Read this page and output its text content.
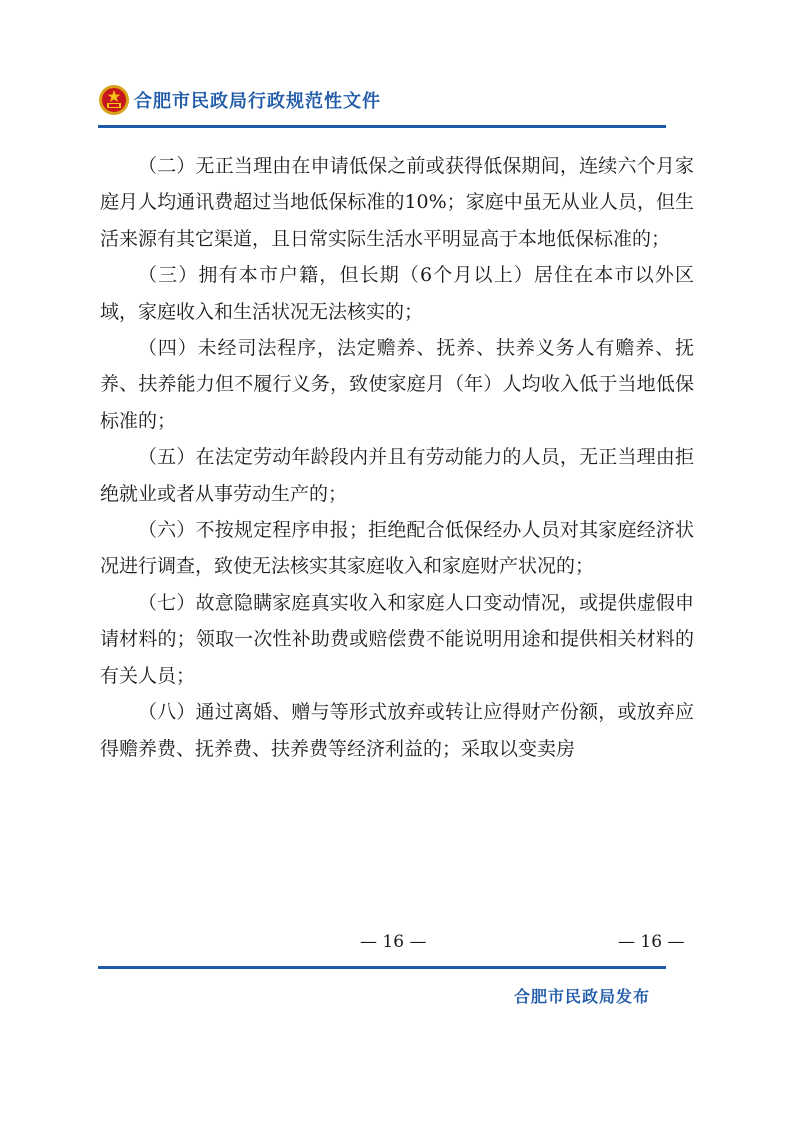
合肥市民政局行政规范性文件

（二）无正当理由在申请低保之前或获得低保期间，连续六个月家庭月人均通讯费超过当地低保标准的10%；家庭中虽无从业人员，但生活来源有其它渠道，且日常实际生活水平明显高于本地低保标准的；

（三）拥有本市户籍，但长期（6个月以上）居住在本市以外区域，家庭收入和生活状况无法核实的；

（四）未经司法程序，法定赡养、抚养、扶养义务人有赡养、抚养、扶养能力但不履行义务，致使家庭月（年）人均收入低于当地低保标准的；

（五）在法定劳动年龄段内并且有劳动能力的人员，无正当理由拒绝就业或者从事劳动生产的；

（六）不按规定程序申报；拒绝配合低保经办人员对其家庭经济状况进行调查，致使无法核实其家庭收入和家庭财产状况的；

（七）故意隐瞒家庭真实收入和家庭人口变动情况，或提供虚假申请材料的；领取一次性补助费或赔偿费不能说明用途和提供相关材料的有关人员；

（八）通过离婚、赠与等形式放弃或转让应得财产份额，或放弃应得赡养费、抚养费、扶养费等经济利益的；采取以变卖房

— 16 —	— 16 —
合肥市民政局发布
